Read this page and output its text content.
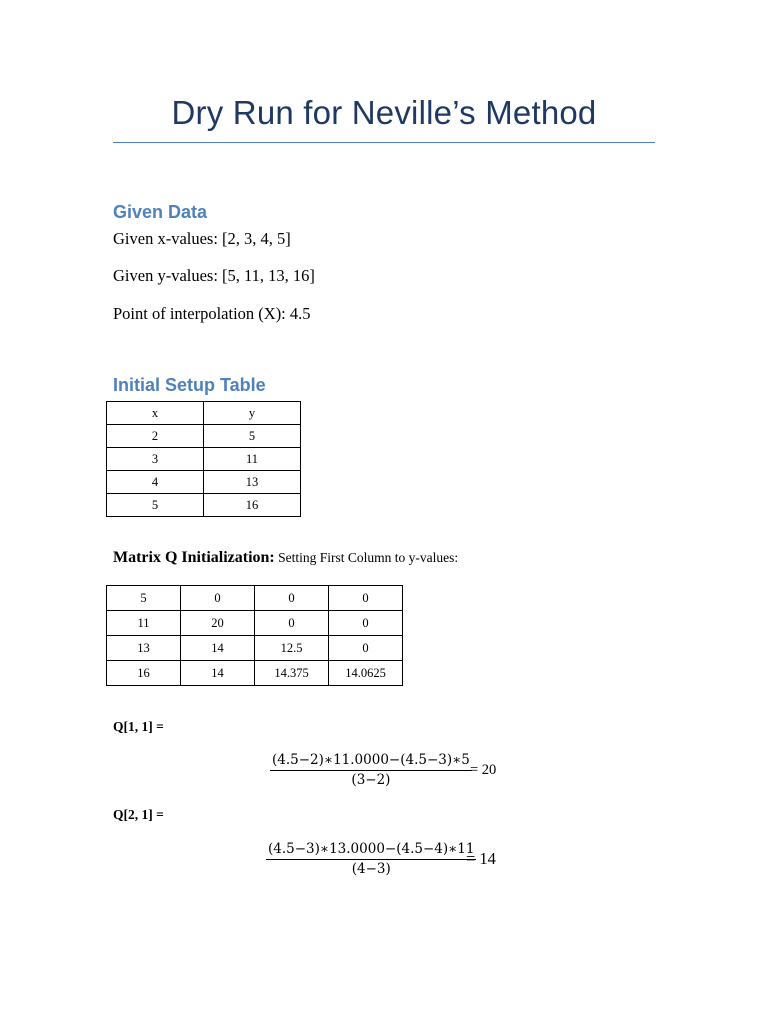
Dry Run for Neville’s Method
Given Data
Given x-values: [2, 3, 4, 5]
Given y-values: [5, 11, 13, 16]
Point of interpolation (X): 4.5
Initial Setup Table
x	y
2	5
3	11
4	13
5	16
Matrix Q Initialization: Setting First Column to y-values:
5	0	0	0
11	20	0	0
13	14	12.5	0
16	14	14.375	14.0625
Q[1, 1] =
$\frac{(4.5-2)∗11.0000-(4.5-3)∗5}{(3-2)}$
= 20
Q[2, 1] =
$\frac{(4.5-3)∗13.0000-(4.5-4)∗11}{(4-3)}$
= 14
